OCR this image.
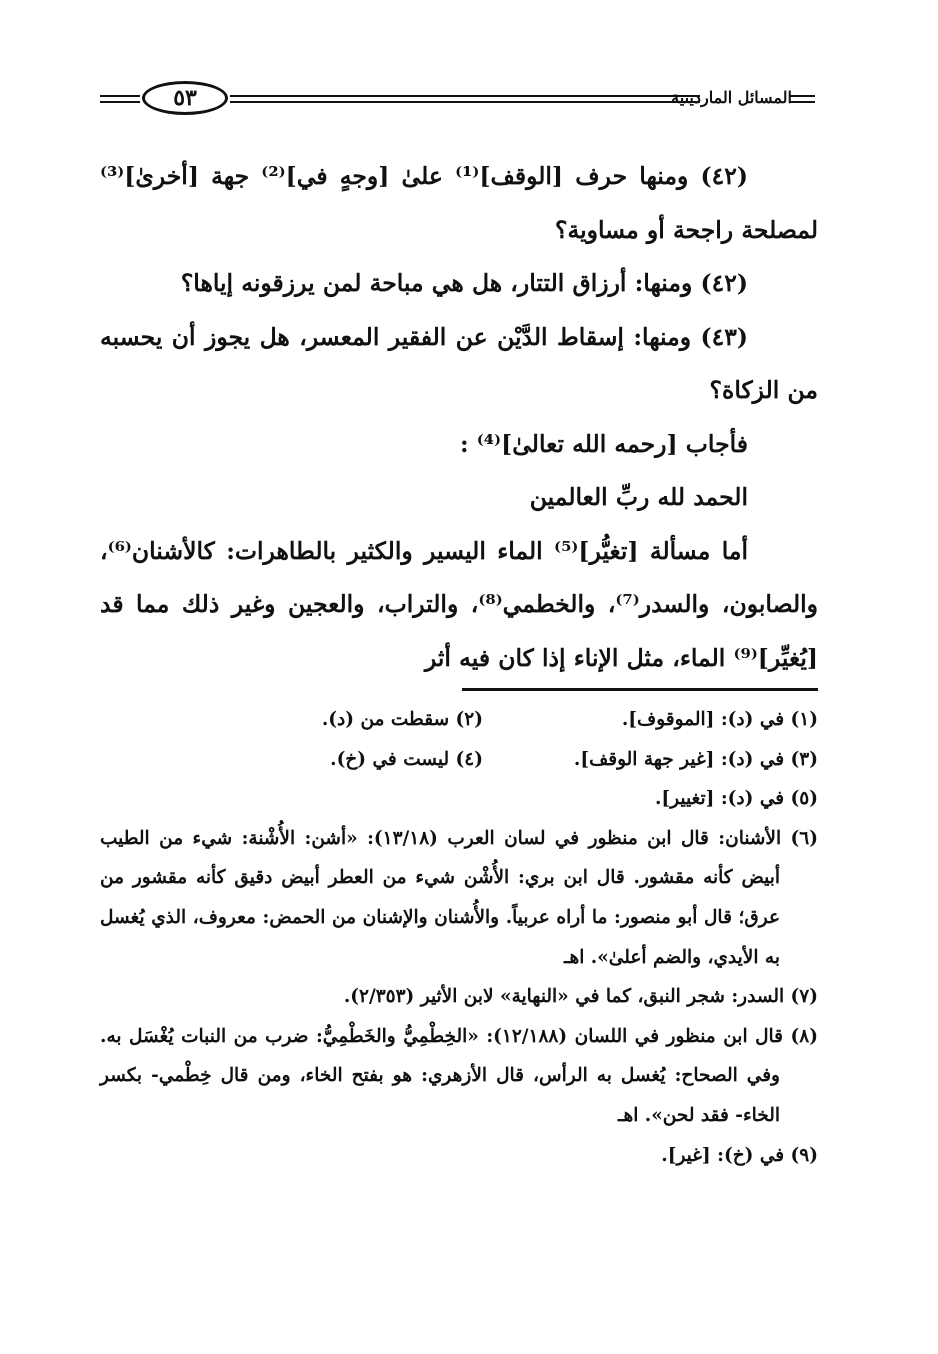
٥٣	المسائل الماردينية

(٤٢) ومنها حرف [الوقف]⁽¹⁾ علىٰ [وجهٍ في]⁽²⁾ جهة [أخرىٰ]⁽³⁾ لمصلحة راجحة أو مساوية؟

(٤٢) ومنها: أرزاق التتار، هل هي مباحة لمن يرزقونه إياها؟

(٤٣) ومنها: إسقاط الدَّيْن عن الفقير المعسر، هل يجوز أن يحسبه من الزكاة؟

فأجاب [رحمه الله تعالىٰ]⁽⁴⁾ :

الحمد لله ربِّ العالمين

أما مسألة [تغيُّر]⁽⁵⁾ الماء اليسير والكثير بالطاهرات: كالأشنان⁽⁶⁾، والصابون، والسدر⁽⁷⁾، والخطمي⁽⁸⁾، والتراب، والعجين وغير ذلك مما قد [يُغيِّر]⁽⁹⁾ الماء، مثل الإناء إذا كان فيه أثر

(١) في (د): [الموقوف].
(٢) سقطت من (د).
(٣) في (د): [غير جهة الوقف].
(٤) ليست في (خ).
(٥) في (د): [تغيير].
(٦) الأشنان: قال ابن منظور في لسان العرب (١٣/١٨): «أشن: الأُشْنة: شيء من الطيب أبيض كأنه مقشور. قال ابن بري: الأُشْن شيء من العطر أبيض دقيق كأنه مقشور من عرق؛ قال أبو منصور: ما أراه عربياً. والأُشنان والإشنان من الحمض: معروف، الذي يُغسل به الأيدي، والضم أعلىٰ». اهـ
(٧) السدر: شجر النبق، كما في «النهاية» لابن الأثير (٢/٣٥٣).
(٨) قال ابن منظور في اللسان (١٢/١٨٨): «الخِطْمِيُّ والخَطْمِيُّ: ضرب من النبات يُغْسَل به. وفي الصحاح: يُغسل به الرأس، قال الأزهري: هو بفتح الخاء، ومن قال خِطْمي- بكسر الخاء- فقد لحن». اهـ
(٩) في (خ): [غير].
